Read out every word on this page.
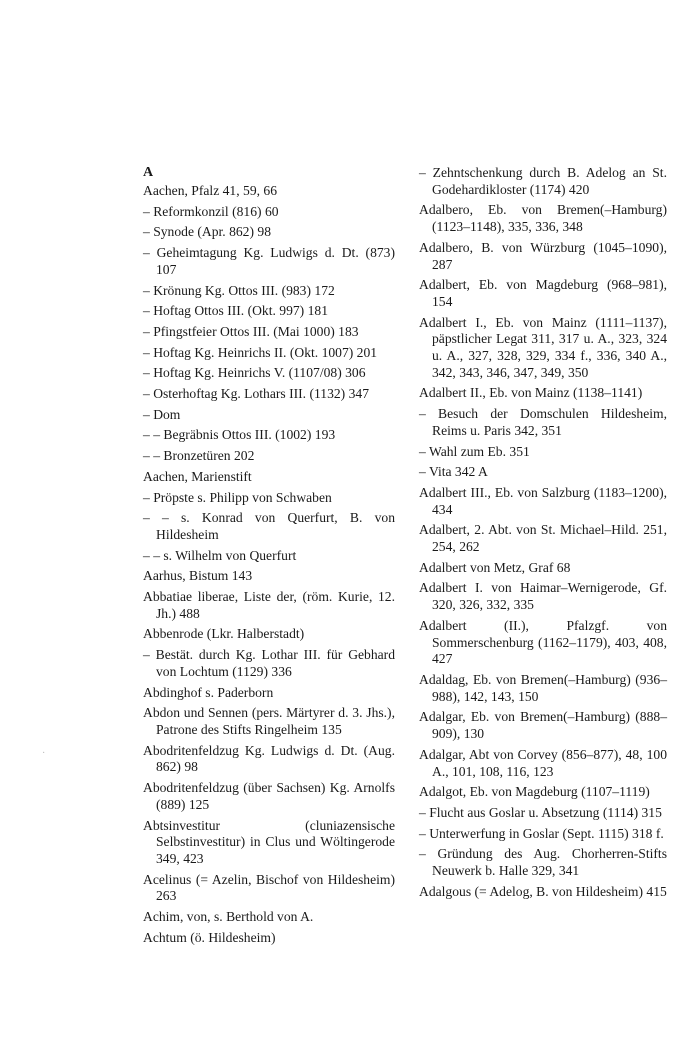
A
Aachen, Pfalz 41, 59, 66
– Reformkonzil (816) 60
– Synode (Apr. 862) 98
– Geheimtagung Kg. Ludwigs d. Dt. (873) 107
– Krönung Kg. Ottos III. (983) 172
– Hoftag Ottos III. (Okt. 997) 181
– Pfingstfeier Ottos III. (Mai 1000) 183
– Hoftag Kg. Heinrichs II. (Okt. 1007) 201
– Hoftag Kg. Heinrichs V. (1107/08) 306
– Osterhoftag Kg. Lothars III. (1132) 347
– Dom
– – Begräbnis Ottos III. (1002) 193
– – Bronzetüren 202
Aachen, Marienstift
– Pröpste s. Philipp von Schwaben
– – s. Konrad von Querfurt, B. von Hildesheim
– – s. Wilhelm von Querfurt
Aarhus, Bistum 143
Abbatiae liberae, Liste der, (röm. Kurie, 12. Jh.) 488
Abbenrode (Lkr. Halberstadt)
– Bestät. durch Kg. Lothar III. für Gebhard von Lochtum (1129) 336
Abdinghof s. Paderborn
Abdon und Sennen (pers. Märtyrer d. 3. Jhs.), Patrone des Stifts Ringelheim 135
Abodritenfeldzug Kg. Ludwigs d. Dt. (Aug. 862) 98
Abodritenfeldzug (über Sachsen) Kg. Arnolfs (889) 125
Abtsinvestitur (cluniazensische Selbstinvestitur) in Clus und Wöltingerode 349, 423
Acelinus (= Azelin, Bischof von Hildesheim) 263
Achim, von, s. Berthold von A.
Achtum (ö. Hildesheim)
– Zehntschenkung durch B. Adelog an St. Godehardikloster (1174) 420
Adalbero, Eb. von Bremen(–Hamburg) (1123–1148), 335, 336, 348
Adalbero, B. von Würzburg (1045–1090), 287
Adalbert, Eb. von Magdeburg (968–981), 154
Adalbert I., Eb. von Mainz (1111–1137), päpstlicher Legat 311, 317 u. A., 323, 324 u. A., 327, 328, 329, 334 f., 336, 340 A., 342, 343, 346, 347, 349, 350
Adalbert II., Eb. von Mainz (1138–1141)
– Besuch der Domschulen Hildesheim, Reims u. Paris 342, 351
– Wahl zum Eb. 351
– Vita 342 A
Adalbert III., Eb. von Salzburg (1183–1200), 434
Adalbert, 2. Abt. von St. Michael–Hild. 251, 254, 262
Adalbert von Metz, Graf 68
Adalbert I. von Haimar–Wernigerode, Gf. 320, 326, 332, 335
Adalbert (II.), Pfalzgf. von Sommerschenburg (1162–1179), 403, 408, 427
Adaldag, Eb. von Bremen(–Hamburg) (936–988), 142, 143, 150
Adalgar, Eb. von Bremen(–Hamburg) (888–909), 130
Adalgar, Abt von Corvey (856–877), 48, 100 A., 101, 108, 116, 123
Adalgot, Eb. von Magdeburg (1107–1119)
– Flucht aus Goslar u. Absetzung (1114) 315
– Unterwerfung in Goslar (Sept. 1115) 318 f.
– Gründung des Aug. Chorherren-Stifts Neuwerk b. Halle 329, 341
Adalgous (= Adelog, B. von Hildesheim) 415
·
